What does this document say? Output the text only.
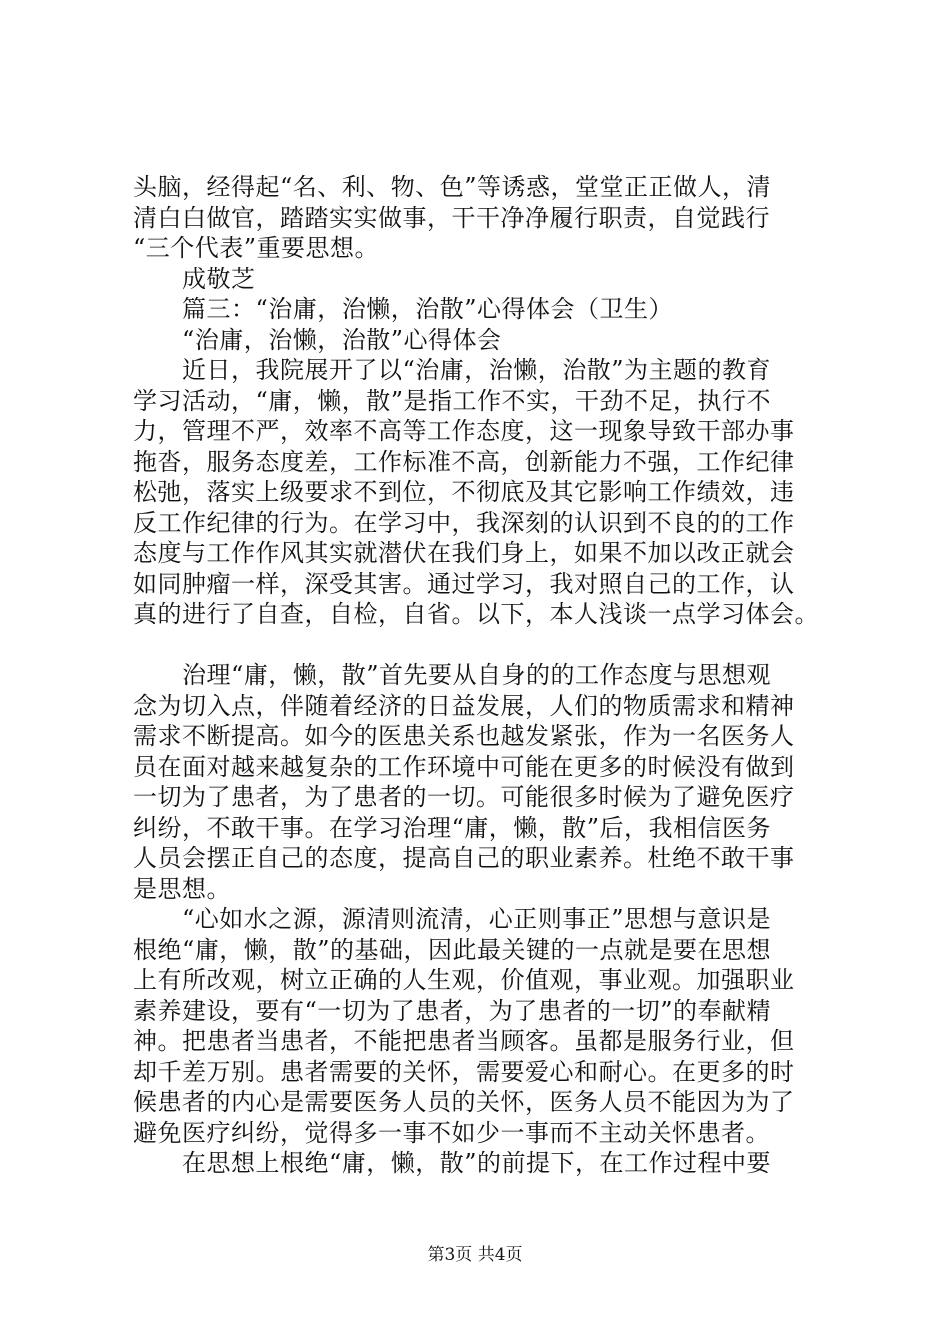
头脑，经得起“名、利、物、色”等诱惑，堂堂正正做人，清
清白白做官，踏踏实实做事，干干净净履行职责，自觉践行
“三个代表”重要思想。
　　成敬芝
　　篇三：“治庸，治懒，治散”心得体会（卫生）
　　“治庸，治懒，治散”心得体会
　　近日，我院展开了以“治庸，治懒，治散”为主题的教育
学习活动，“庸，懒，散”是指工作不实，干劲不足，执行不
力，管理不严，效率不高等工作态度，这一现象导致干部办事
拖沓，服务态度差，工作标准不高，创新能力不强，工作纪律
松弛，落实上级要求不到位，不彻底及其它影响工作绩效，违
反工作纪律的行为。在学习中，我深刻的认识到不良的的工作
态度与工作作风其实就潜伏在我们身上，如果不加以改正就会
如同肿瘤一样，深受其害。通过学习，我对照自己的工作，认
真的进行了自查，自检，自省。以下，本人浅谈一点学习体会。
　　治理“庸，懒，散”首先要从自身的的工作态度与思想观
念为切入点，伴随着经济的日益发展，人们的物质需求和精神
需求不断提高。如今的医患关系也越发紧张，作为一名医务人
员在面对越来越复杂的工作环境中可能在更多的时候没有做到
一切为了患者，为了患者的一切。可能很多时候为了避免医疗
纠纷，不敢干事。在学习治理“庸，懒，散”后，我相信医务
人员会摆正自己的态度，提高自己的职业素养。杜绝不敢干事
是思想。
　　“心如水之源，源清则流清，心正则事正”思想与意识是
根绝“庸，懒，散”的基础，因此最关键的一点就是要在思想
上有所改观，树立正确的人生观，价值观，事业观。加强职业
素养建设，要有“一切为了患者，为了患者的一切”的奉献精
神。把患者当患者，不能把患者当顾客。虽都是服务行业，但
却千差万别。患者需要的关怀，需要爱心和耐心。在更多的时
候患者的内心是需要医务人员的关怀，医务人员不能因为为了
避免医疗纠纷，觉得多一事不如少一事而不主动关怀患者。
　　在思想上根绝“庸，懒，散”的前提下，在工作过程中要
第3页 共4页
